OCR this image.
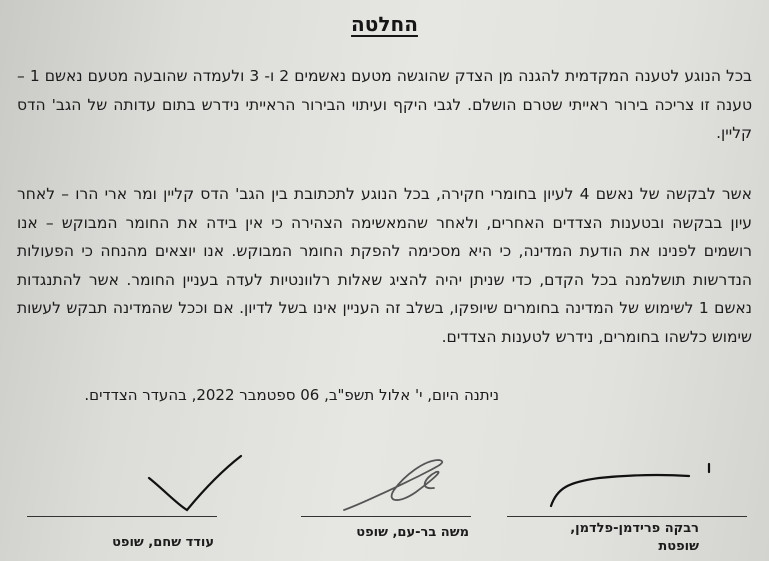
החלטה
בכל הנוגע לטענה המקדמית להגנה מן הצדק שהוגשה מטעם נאשמים 2 ו- 3 ולעמדה שהובעה מטעם נאשם 1 – טענה זו צריכה בירור ראייתי שטרם הושלם. לגבי היקף ועיתוי הבירור הראייתי נידרש בתום עדותה של הגב' הדס קליין.
אשר לבקשה של נאשם 4 לעיון בחומרי חקירה, בכל הנוגע לתכתובת בין הגב' הדס קליין ומר ארי הרו – לאחר עיון בבקשה ובטענות הצדדים האחרים, ולאחר שהמאשימה הצהירה כי אין בידה את החומר המבוקש – אנו רושמים לפנינו את הודעת המדינה, כי היא מסכימה להפקת החומר המבוקש. אנו יוצאים מהנחה כי הפעולות הנדרשות תושלמנה בכל הקדם, כדי שניתן יהיה להציג שאלות רלוונטיות לעדה בעניין החומר. אשר להתנגדות נאשם 1 לשימוש של המדינה בחומרים שיופקו, בשלב זה העניין אינו בשל לדיון. אם וככל שהמדינה תבקש לעשות שימוש כלשהו בחומרים, נידרש לטענות הצדדים.
ניתנה היום, י' אלול תשפ"ב, 06 ספטמבר 2022, בהעדר הצדדים.
רבקה פרידמן-פלדמן,
שופטת
משה בר-עם, שופט
עודד שחם, שופט
